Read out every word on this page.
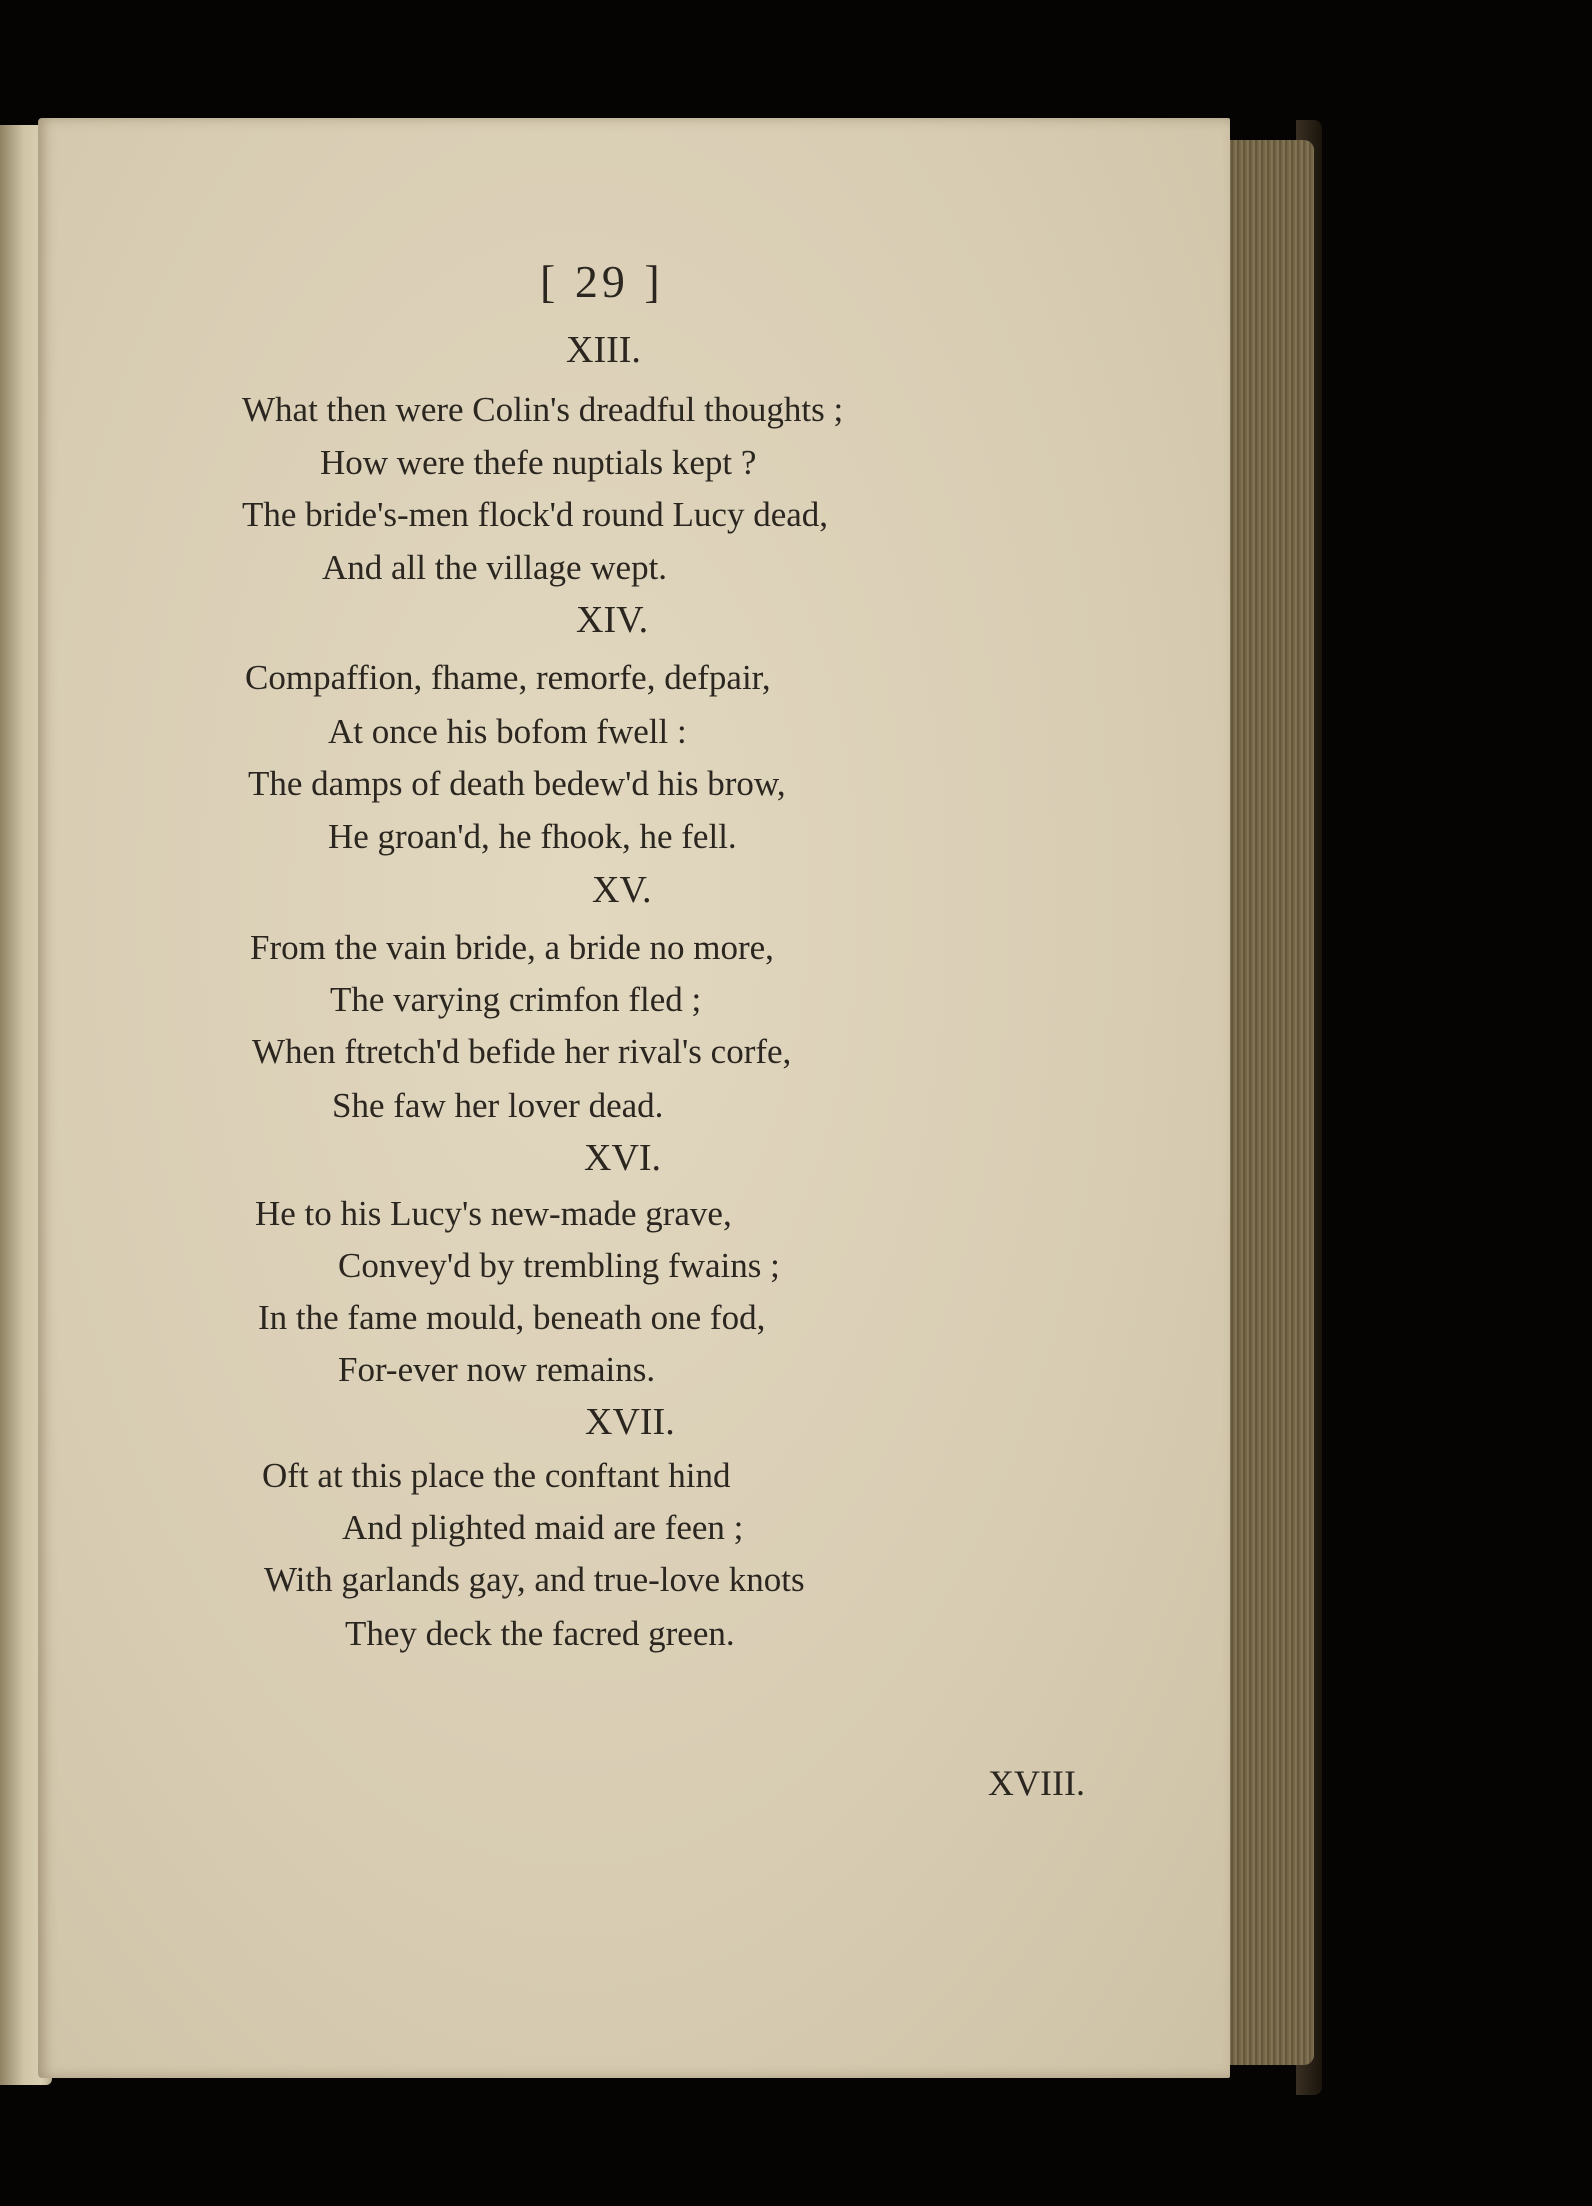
[ 29 ]
XIII.
What then were Colin's dreadful thoughts ;
How were thefe nuptials kept ?
The bride's-men flock'd round Lucy dead,
And all the village wept.
XIV.
Compaffion, fhame, remorfe, defpair,
At once his bofom fwell :
The damps of death bedew'd his brow,
He groan'd, he fhook, he fell.
XV.
From the vain bride, a bride no more,
The varying crimfon fled ;
When ftretch'd befide her rival's corfe,
She faw her lover dead.
XVI.
He to his Lucy's new-made grave,
Convey'd by trembling fwains ;
In the fame mould, beneath one fod,
For-ever now remains.
XVII.
Oft at this place the conftant hind
And plighted maid are feen ;
With garlands gay, and true-love knots
They deck the facred green.
XVIII.
